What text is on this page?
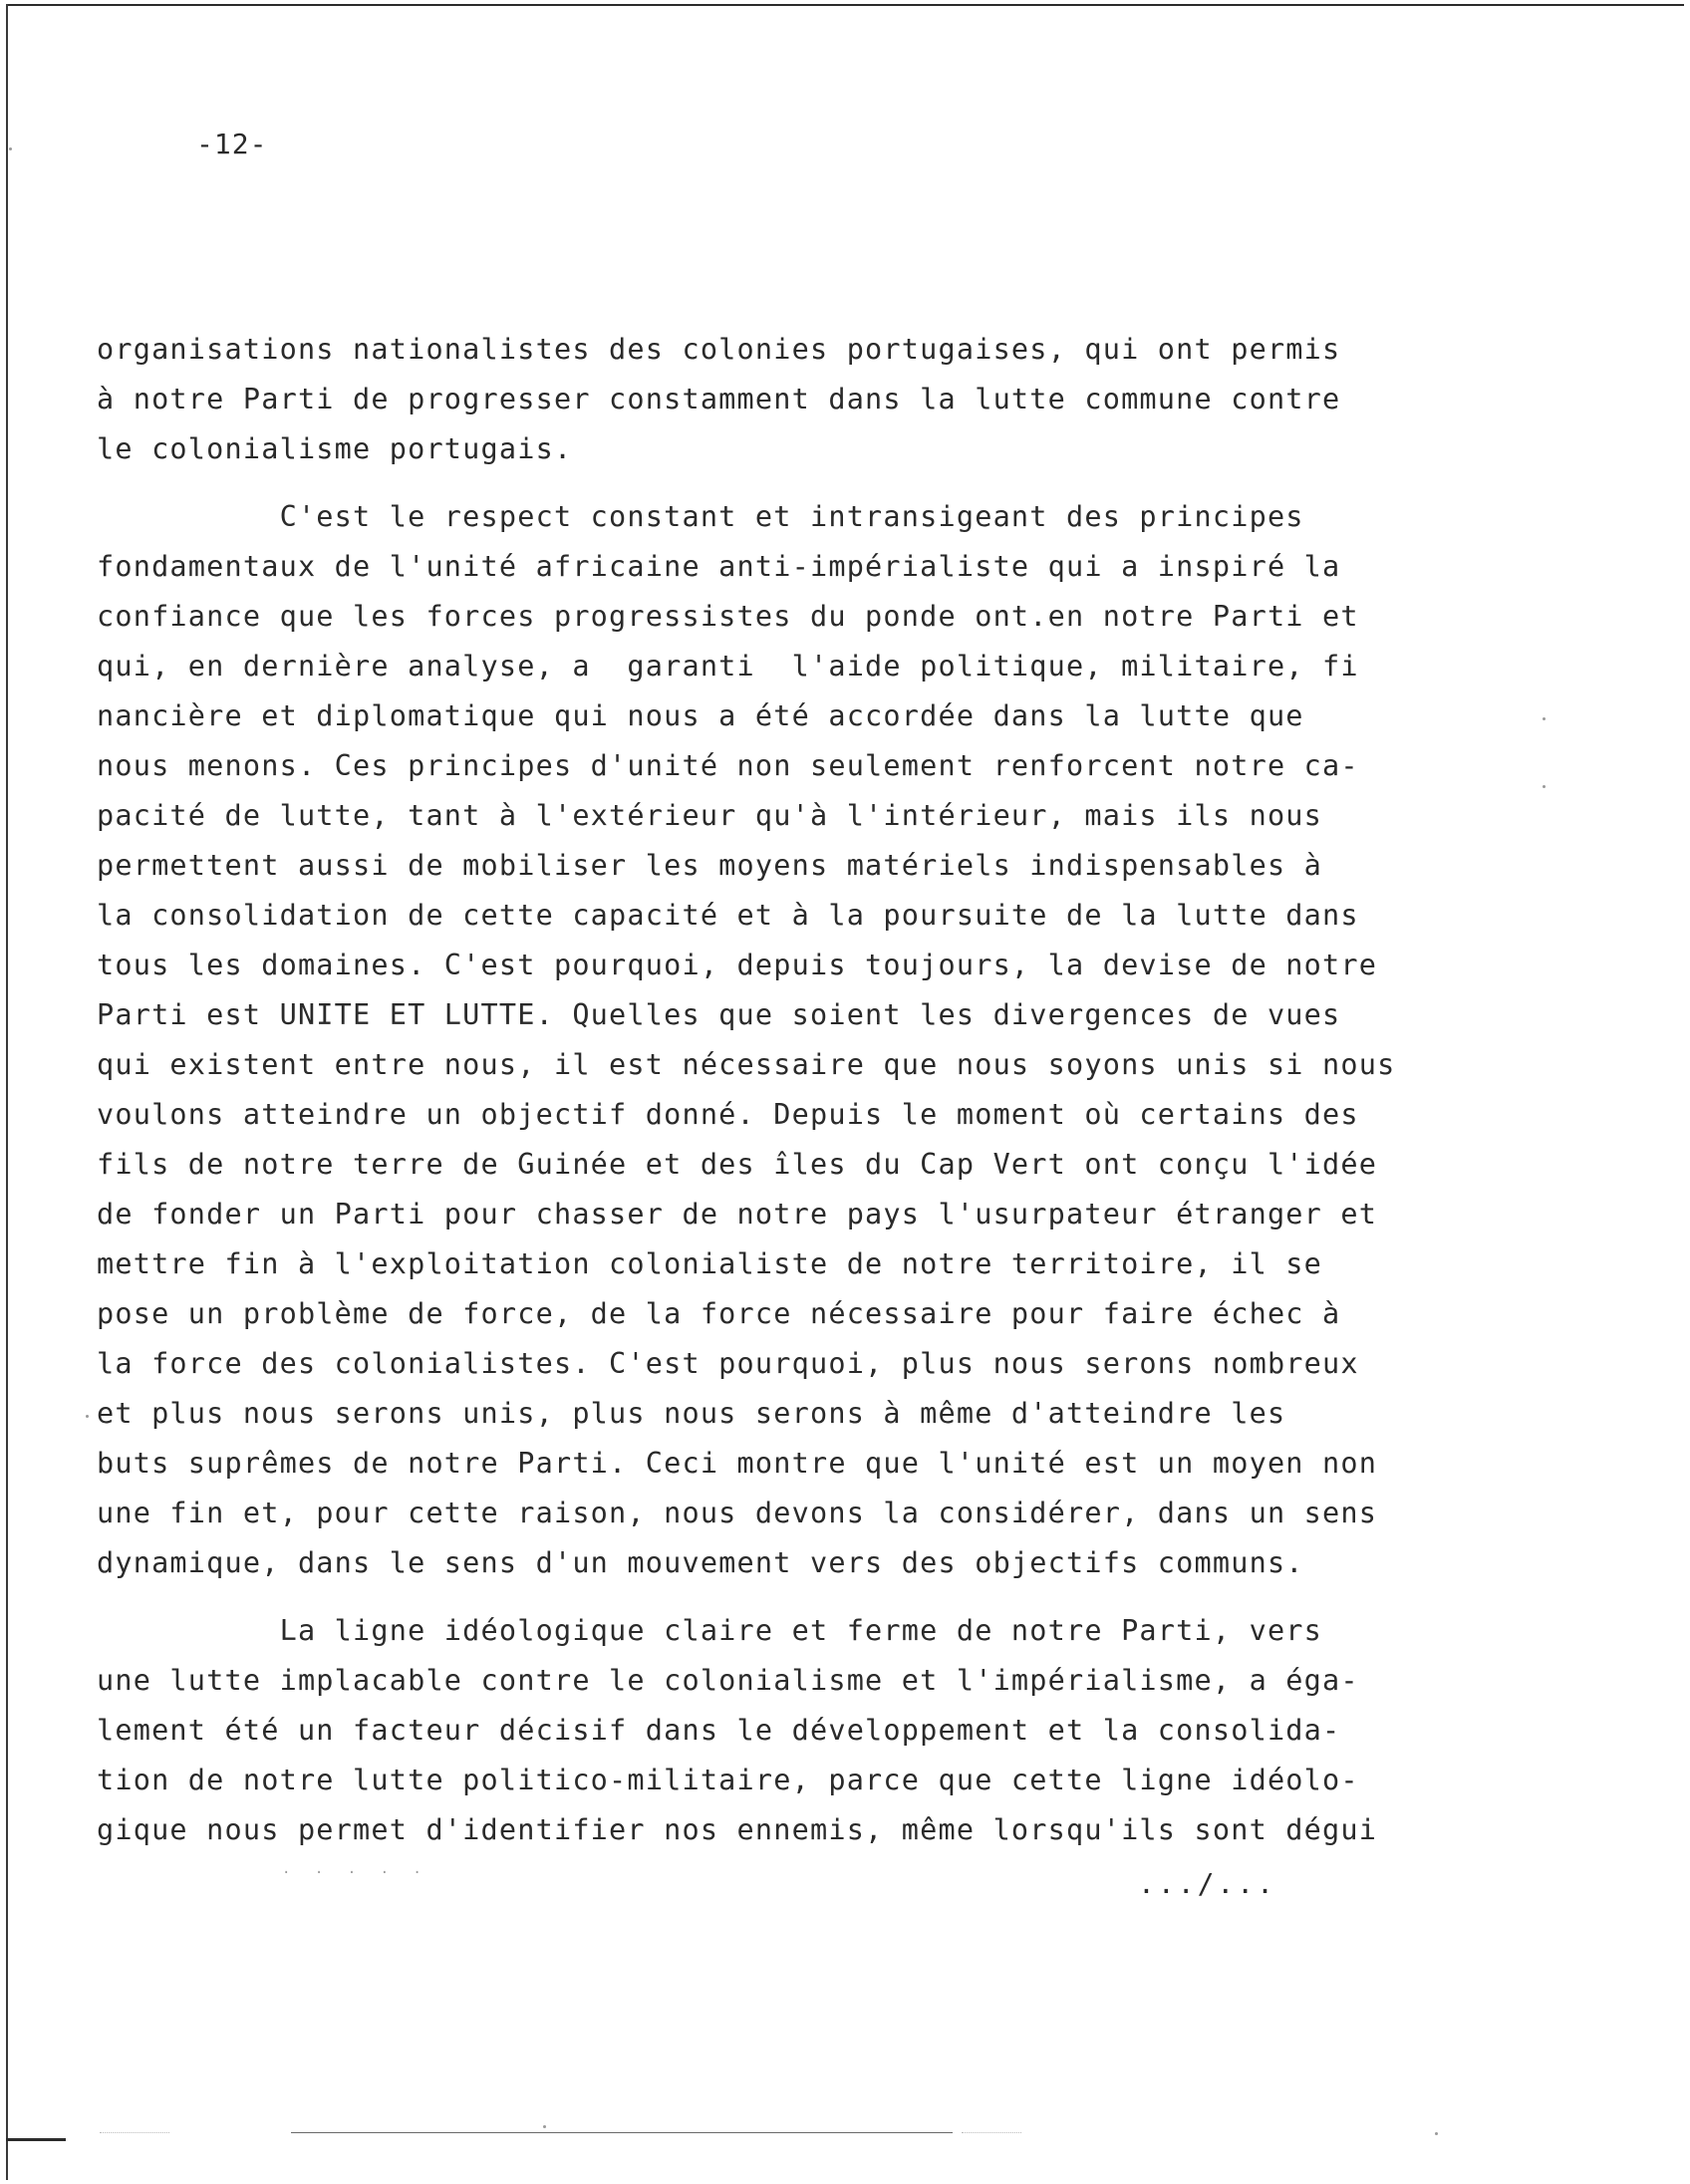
-12-
organisations nationalistes des colonies portugaises, qui ont permis
à notre Parti de progresser constamment dans la lutte commune contre
le colonialisme portugais.
C'est le respect constant et intransigeant des principes
fondamentaux de l'unité africaine anti-impérialiste qui a inspiré la
confiance que les forces progressistes du ponde ont.en notre Parti et
qui, en dernière analyse, a  garanti  l'aide politique, militaire, fi
nancière et diplomatique qui nous a été accordée dans la lutte que
nous menons. Ces principes d'unité non seulement renforcent notre ca-
pacité de lutte, tant à l'extérieur qu'à l'intérieur, mais ils nous
permettent aussi de mobiliser les moyens matériels indispensables à
la consolidation de cette capacité et à la poursuite de la lutte dans
tous les domaines. C'est pourquoi, depuis toujours, la devise de notre
Parti est UNITE ET LUTTE. Quelles que soient les divergences de vues
qui existent entre nous, il est nécessaire que nous soyons unis si nous
voulons atteindre un objectif donné. Depuis le moment où certains des
fils de notre terre de Guinée et des îles du Cap Vert ont conçu l'idée
de fonder un Parti pour chasser de notre pays l'usurpateur étranger et
mettre fin à l'exploitation colonialiste de notre territoire, il se
pose un problème de force, de la force nécessaire pour faire échec à
la force des colonialistes. C'est pourquoi, plus nous serons nombreux
et plus nous serons unis, plus nous serons à même d'atteindre les
buts suprêmes de notre Parti. Ceci montre que l'unité est un moyen non
une fin et, pour cette raison, nous devons la considérer, dans un sens
dynamique, dans le sens d'un mouvement vers des objectifs communs.
La ligne idéologique claire et ferme de notre Parti, vers
une lutte implacable contre le colonialisme et l'impérialisme, a éga-
lement été un facteur décisif dans le développement et la consolida-
tion de notre lutte politico-militaire, parce que cette ligne idéolo-
gique nous permet d'identifier nos ennemis, même lorsqu'ils sont dégui
· · · · ·	.../...
